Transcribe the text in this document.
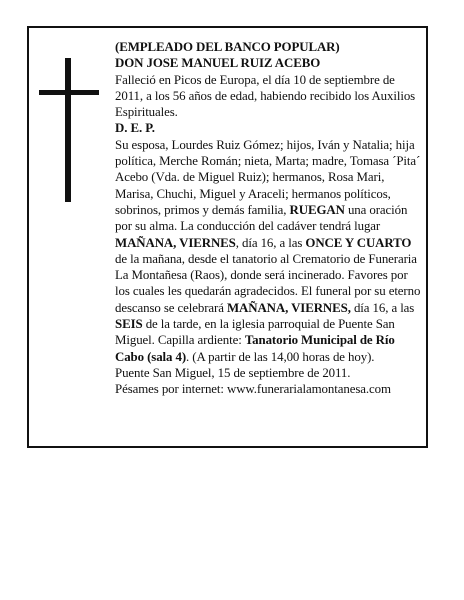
(EMPLEADO DEL BANCO POPULAR)

DON JOSE MANUEL RUIZ ACEBO

Falleció en Picos de Europa, el día 10 de septiembre de 2011, a los 56 años de edad, habiendo recibido los Auxilios Espirituales.

D. E. P.

Su esposa, Lourdes Ruiz Gómez; hijos, Iván y Natalia; hija política, Merche Román; nieta, Marta; madre, Tomasa ´Pita´ Acebo (Vda. de Miguel Ruiz); hermanos, Rosa Mari, Marisa, Chuchi, Miguel y Araceli; hermanos políticos, sobrinos, primos y demás familia, RUEGAN una oración por su alma. La conducción del cadáver tendrá lugar MAÑANA, VIERNES, día 16, a las ONCE Y CUARTO de la mañana, desde el tanatorio al Crematorio de Funeraria La Montañesa (Raos), donde será incinerado. Favores por los cuales les quedarán agradecidos. El funeral por su eterno descanso se celebrará MAÑANA, VIERNES, día 16, a las SEIS de la tarde, en la iglesia parroquial de Puente San Miguel. Capilla ardiente: Tanatorio Municipal de Río Cabo (sala 4). (A partir de las 14,00 horas de hoy).

Puente San Miguel, 15 de septiembre de 2011.

Pésames por internet: www.funerarialamontanesa.com
